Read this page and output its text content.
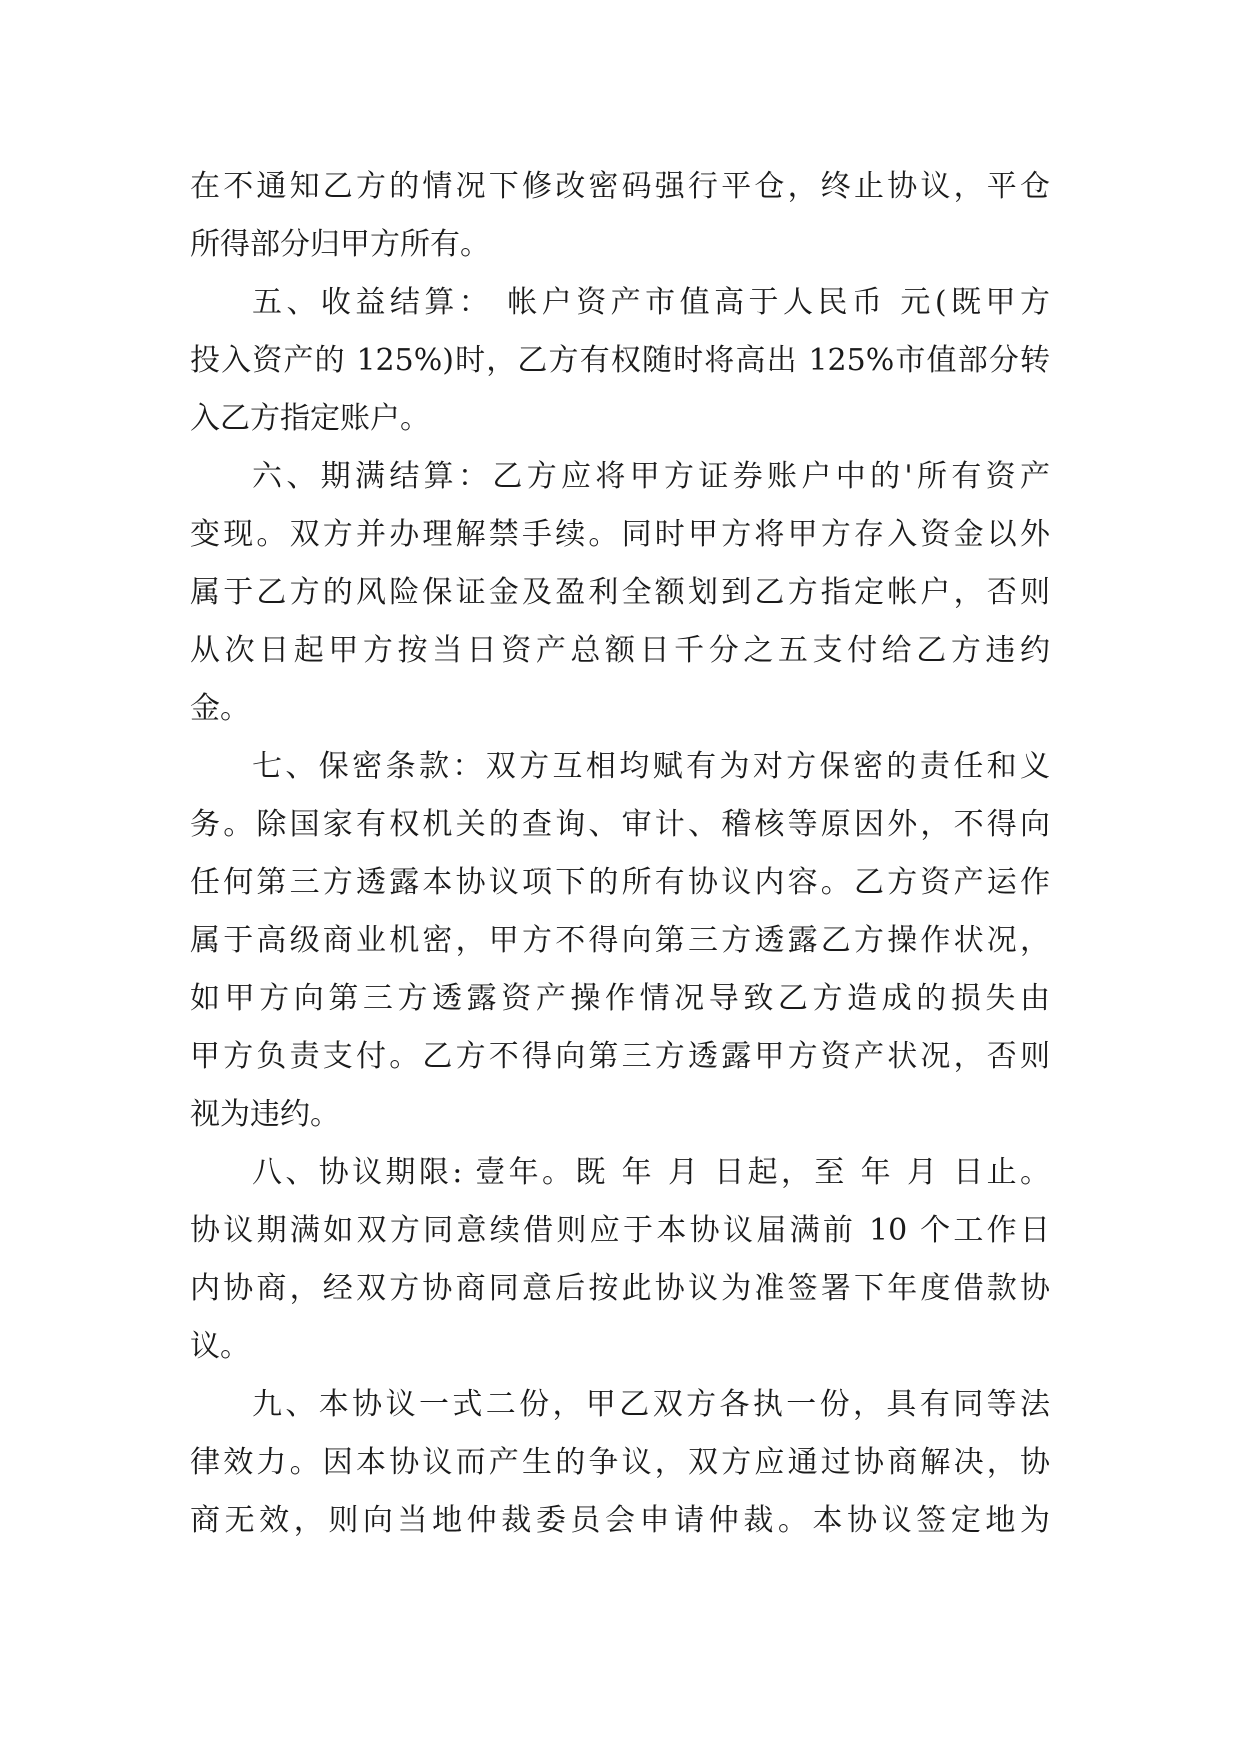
在不通知乙方的情况下修改密码强行平仓，终止协议，平仓
所得部分归甲方所有。
五、收益结算： 帐户资产市值高于人民币 元(既甲方
投入资产的 125%)时，乙方有权随时将高出 125%市值部分转
入乙方指定账户。
六、期满结算：乙方应将甲方证券账户中的'所有资产
变现。双方并办理解禁手续。同时甲方将甲方存入资金以外
属于乙方的风险保证金及盈利全额划到乙方指定帐户，否则
从次日起甲方按当日资产总额日千分之五支付给乙方违约
金。
七、保密条款：双方互相均赋有为对方保密的责任和义
务。除国家有权机关的查询、审计、稽核等原因外，不得向
任何第三方透露本协议项下的所有协议内容。乙方资产运作
属于高级商业机密，甲方不得向第三方透露乙方操作状况，
如甲方向第三方透露资产操作情况导致乙方造成的损失由
甲方负责支付。乙方不得向第三方透露甲方资产状况，否则
视为违约。
八、协议期限: 壹年。既 年 月 日起，至 年 月 日止。
协议期满如双方同意续借则应于本协议届满前 10 个工作日
内协商，经双方协商同意后按此协议为准签署下年度借款协
议。
九、本协议一式二份，甲乙双方各执一份，具有同等法
律效力。因本协议而产生的争议，双方应通过协商解决，协
商无效，则向当地仲裁委员会申请仲裁。本协议签定地为
